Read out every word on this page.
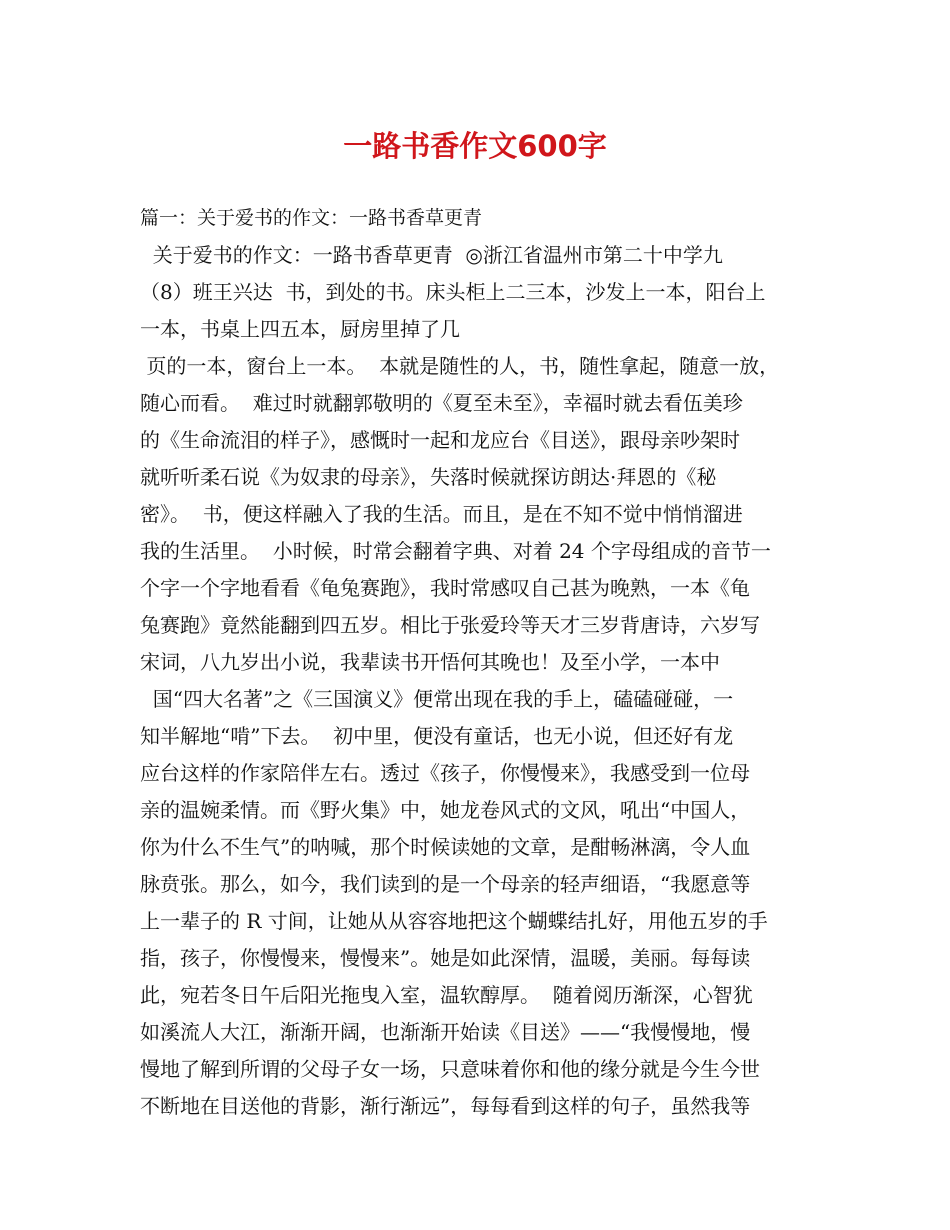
一路书香作文600字
篇一：关于爱书的作文：一路书香草更青
关于爱书的作文：一路书香草更青  ◎浙江省温州市第二十中学九
（8）班王兴达  书，到处的书。床头柜上二三本，沙发上一本，阳台上
一本，书桌上四五本，厨房里掉了几
页的一本，窗台上一本。  本就是随性的人，书，随性拿起，随意一放，
随心而看。  难过时就翻郭敬明的《夏至未至》，幸福时就去看伍美珍
的《生命流泪的样子》，感慨时一起和龙应台《目送》，跟母亲吵架时
就听听柔石说《为奴隶的母亲》，失落时候就探访朗达·拜恩的《秘
密》。  书，便这样融入了我的生活。而且，是在不知不觉中悄悄溜进
我的生活里。  小时候，时常会翻着字典、对着 24 个字母组成的音节一
个字一个字地看看《龟兔赛跑》，我时常感叹自己甚为晚熟，一本《龟
兔赛跑》竟然能翻到四五岁。相比于张爱玲等天才三岁背唐诗，六岁写
宋词，八九岁出小说，我辈读书开悟何其晚也！及至小学，一本中
国“四大名著”之《三国演义》便常出现在我的手上，磕磕碰碰，一
知半解地“啃”下去。  初中里，便没有童话，也无小说，但还好有龙
应台这样的作家陪伴左右。透过《孩子，你慢慢来》，我感受到一位母
亲的温婉柔情。而《野火集》中，她龙卷风式的文风，吼出“中国人，
你为什么不生气”的呐喊，那个时候读她的文章，是酣畅淋漓，令人血
脉贲张。那么，如今，我们读到的是一个母亲的轻声细语，“我愿意等
上一辈子的 R 寸间，让她从从容容地把这个蝴蝶结扎好，用他五岁的手
指，孩子，你慢慢来，慢慢来”。她是如此深情，温暖，美丽。每每读
此，宛若冬日午后阳光拖曳入室，温软醇厚。  随着阅历渐深，心智犹
如溪流人大江，渐渐开阔，也渐渐开始读《目送》——“我慢慢地，慢
慢地了解到所谓的父母子女一场，只意味着你和他的缘分就是今生今世
不断地在目送他的背影，渐行渐远”，每每看到这样的句子，虽然我等
